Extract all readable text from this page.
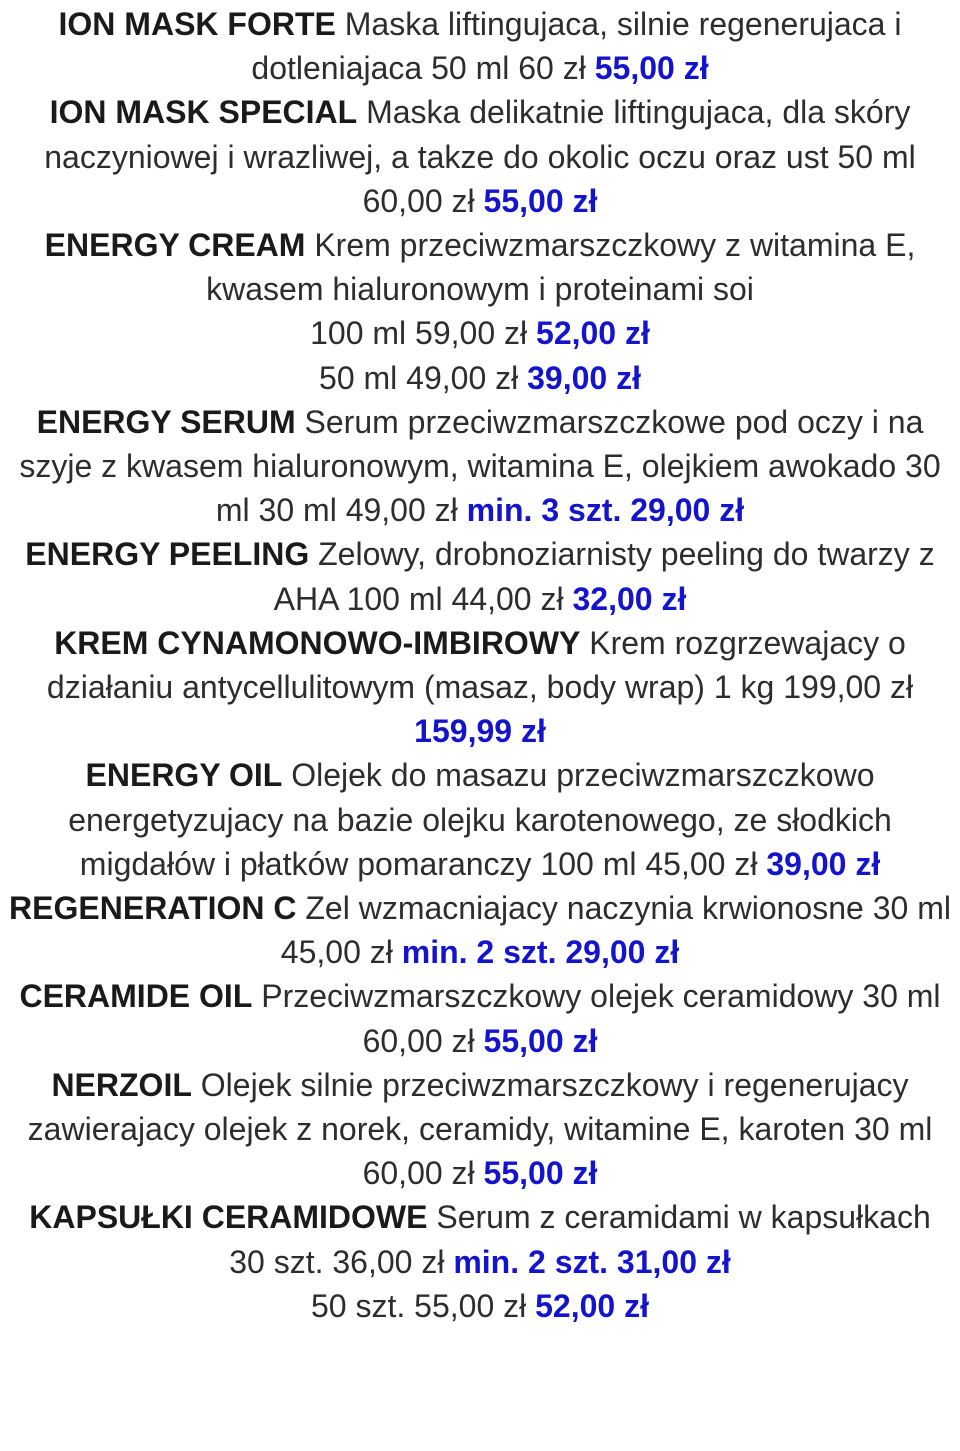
ION MASK FORTE Maska liftingujaca, silnie regenerujaca i dotleniajaca 50 ml 60 zł 55,00 zł

ION MASK SPECIAL Maska delikatnie liftingujaca, dla skóry naczyniowej i wrazliwej, a takze do okolic oczu oraz ust 50 ml 60,00 zł 55,00 zł

ENERGY CREAM Krem przeciwzmarszczkowy z witamina E, kwasem hialuronowym i proteinami soi

100 ml 59,00 zł 52,00 zł
50 ml 49,00 zł 39,00 zł

ENERGY SERUM Serum przeciwzmarszczkowe pod oczy i na szyje z kwasem hialuronowym, witamina E, olejkiem awokado 30 ml 30 ml 49,00 zł min. 3 szt. 29,00 zł

ENERGY PEELING Zelowy, drobnoziarnisty peeling do twarzy z AHA 100 ml 44,00 zł 32,00 zł

KREM CYNAMONOWO-IMBIROWY Krem rozgrzewajacy o działaniu antycellulitowym (masaz, body wrap) 1 kg 199,00 zł 159,99 zł

ENERGY OIL Olejek do masazu przeciwzmarszczkowo energetyzujacy na bazie olejku karotenowego, ze słodkich migdałów i płatków pomaranczy 100 ml 45,00 zł 39,00 zł

REGENERATION C Zel wzmacniajacy naczynia krwionosne 30 ml 45,00 zł min. 2 szt. 29,00 zł

CERAMIDE OIL Przeciwzmarszczkowy olejek ceramidowy 30 ml 60,00 zł 55,00 zł

NERZOIL Olejek silnie przeciwzmarszczkowy i regenerujacy zawierajacy olejek z norek, ceramidy, witamine E, karoten 30 ml 60,00 zł 55,00 zł

KAPSUŁKI CERAMIDOWE Serum z ceramidami w kapsułkach

30 szt. 36,00 zł min. 2 szt. 31,00 zł
50 szt. 55,00 zł 52,00 zł
